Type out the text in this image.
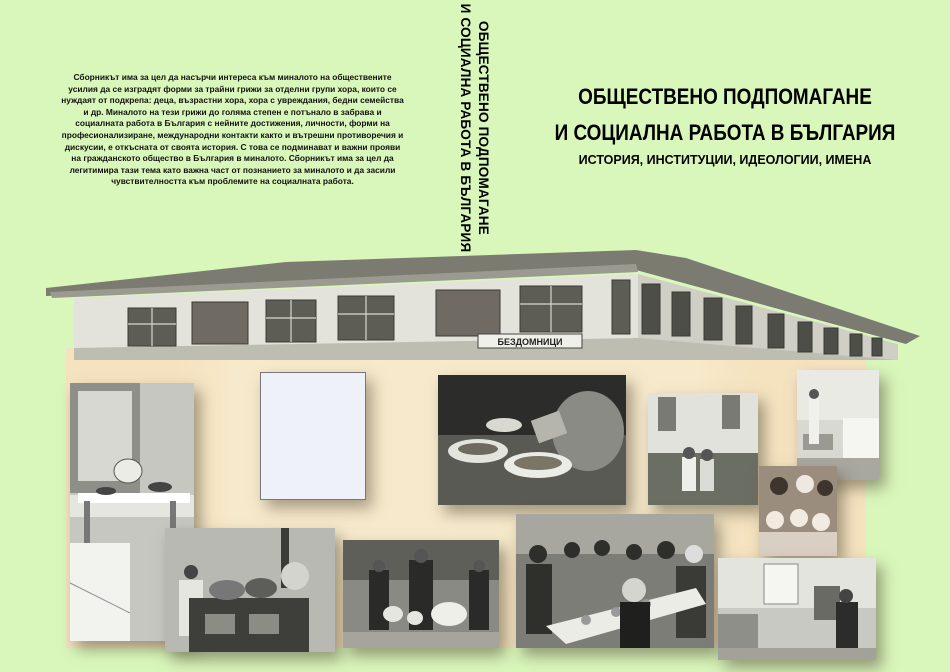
Сборникът има за цел да насърчи интереса към миналото на обществените усилия да се изградят форми за трайни грижи за отделни групи хора, които се нуждаят от подкрепа: деца, възрастни хора, хора с увреждания, бедни семейства и др. Миналото на тези грижи до голяма степен е потънало в забрава и социалната работа в България с нейните достижения, личности, форми на професионализиране, международни контакти както и вътрешни противоречия и дискусии, е откъсната от своята история. С това се подминават и важни прояви на гражданското общество в България в миналото. Сборникът има за цел да легитимира тази тема като важна част от познанието за миналото и да засили чувствителността към проблемите на социалната работа.	ОБЩЕСТВЕНО ПОДПОМАГАНЕ
И СОЦИАЛНА РАБОТА В БЪЛГАРИЯ	ОБЩЕСТВЕНО ПОДПОМАГАНЕ
И СОЦИАЛНА РАБОТА В БЪЛГАРИЯ
ИСТОРИЯ, ИНСТИТУЦИИ, ИДЕОЛОГИИ, ИМЕНА
БЕЗДОМНИЦИ
